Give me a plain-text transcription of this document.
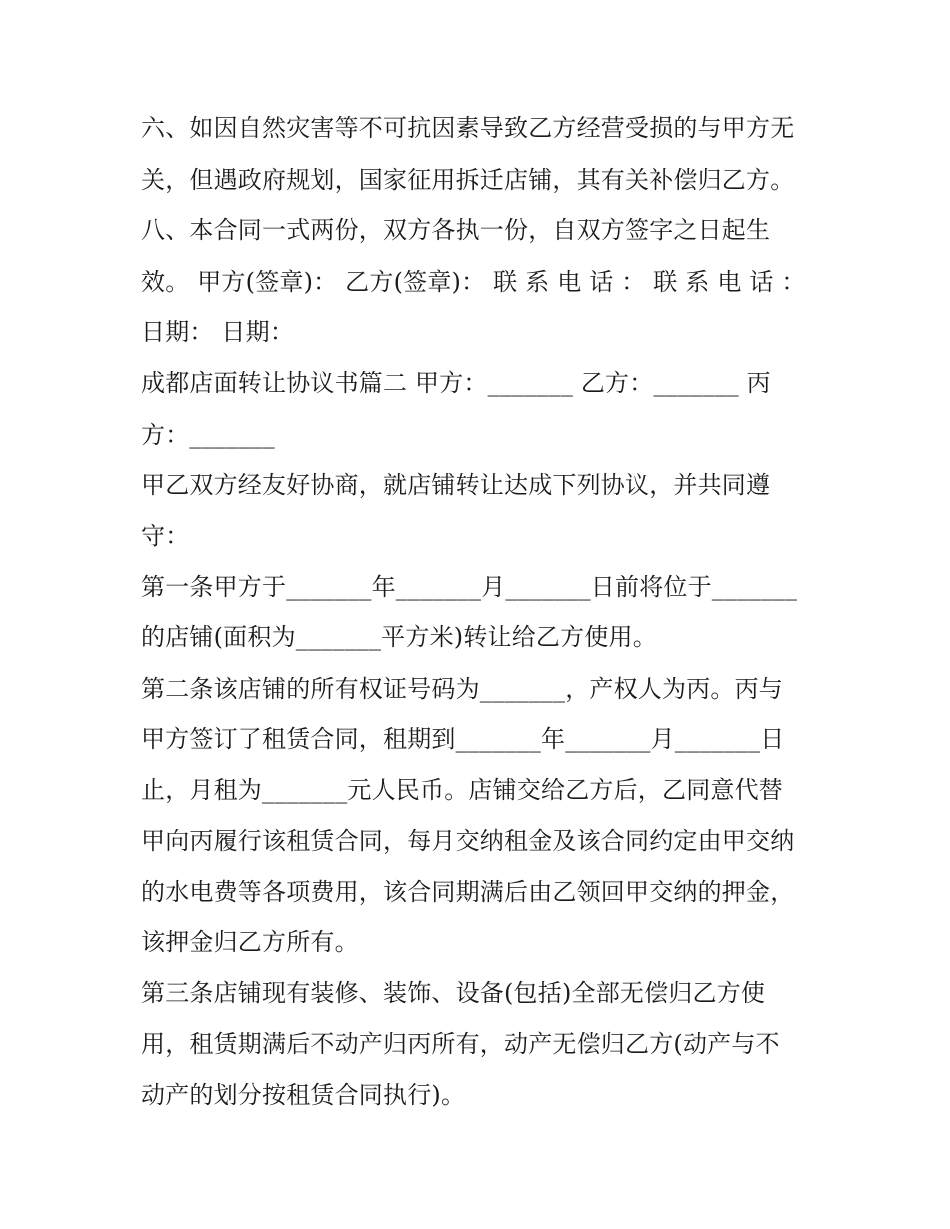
六、如因自然灾害等不可抗因素导致乙方经营受损的与甲方无
关，但遇政府规划，国家征用拆迁店铺，其有关补偿归乙方。
八、本合同一式两份，双方各执一份，自双方签字之日起生
效。 甲方(签章)： 乙方(签章)： 联 系 电 话 ： 联 系 电 话 ：
日期： 日期：
成都店面转让协议书篇二 甲方：_______ 乙方：_______ 丙
方：_______
甲乙双方经友好协商，就店铺转让达成下列协议，并共同遵
守：
第一条甲方于_______年_______月_______日前将位于_______
的店铺(面积为_______平方米)转让给乙方使用。
第二条该店铺的所有权证号码为_______，产权人为丙。丙与
甲方签订了租赁合同，租期到_______年_______月_______日
止，月租为_______元人民币。店铺交给乙方后，乙同意代替
甲向丙履行该租赁合同，每月交纳租金及该合同约定由甲交纳
的水电费等各项费用，该合同期满后由乙领回甲交纳的押金，
该押金归乙方所有。
第三条店铺现有装修、装饰、设备(包括)全部无偿归乙方使
用，租赁期满后不动产归丙所有，动产无偿归乙方(动产与不
动产的划分按租赁合同执行)。
